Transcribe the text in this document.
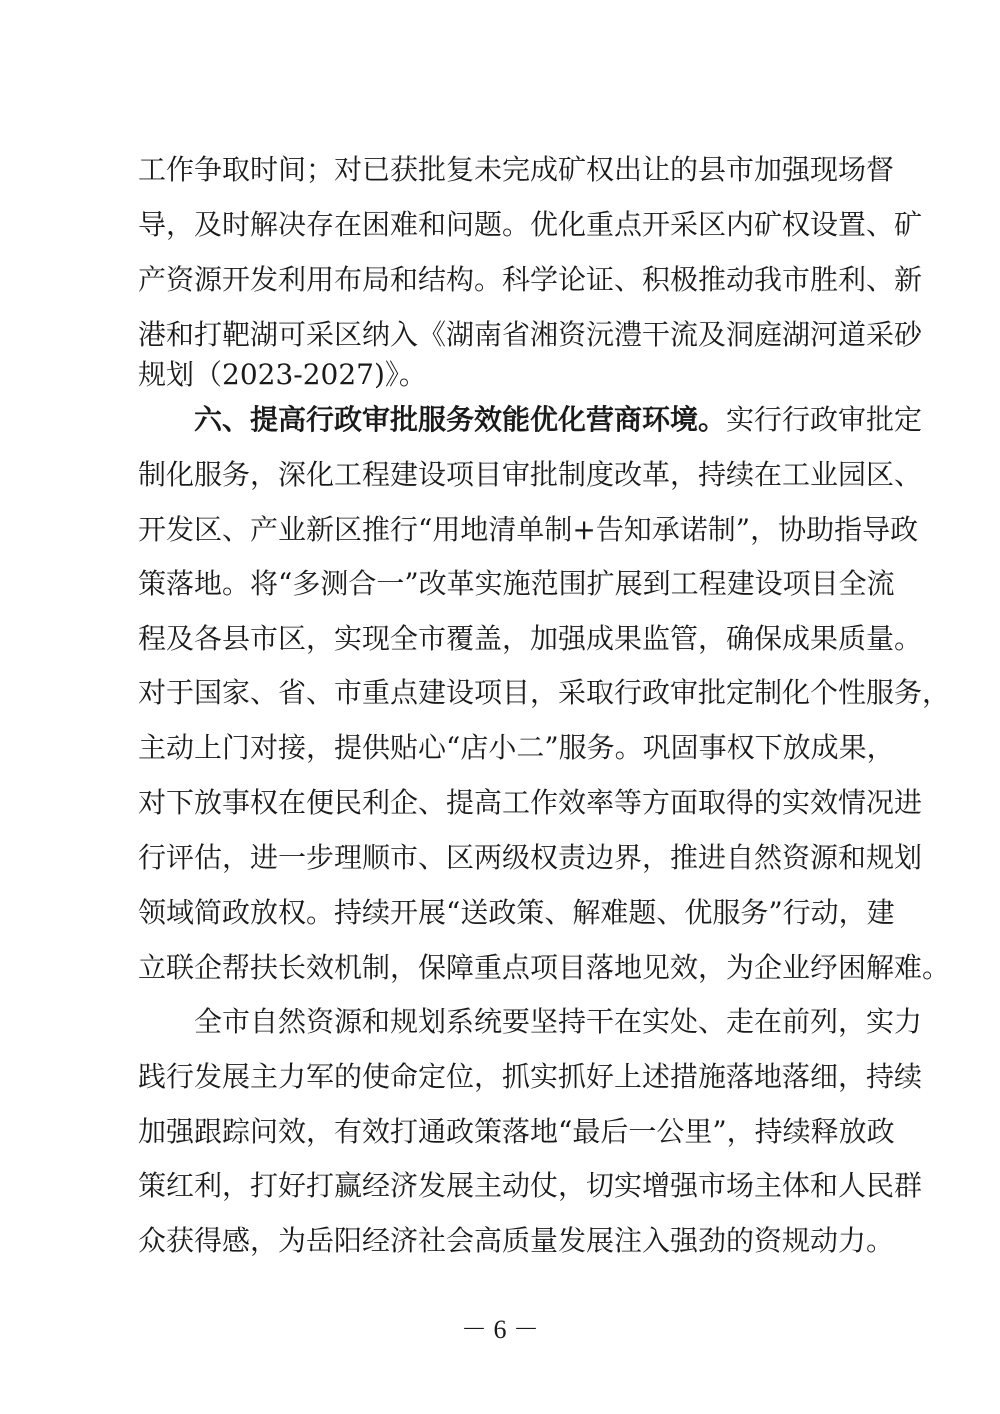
工作争取时间；对已获批复未完成矿权出让的县市加强现场督
导，及时解决存在困难和问题。优化重点开采区内矿权设置、矿
产资源开发利用布局和结构。科学论证、积极推动我市胜利、新
港和打靶湖可采区纳入《湖南省湘资沅澧干流及洞庭湖河道采砂
规划（2023-2027)》。
六、提高行政审批服务效能优化营商环境。实行行政审批定
制化服务，深化工程建设项目审批制度改革，持续在工业园区、
开发区、产业新区推行“用地清单制+告知承诺制”，协助指导政
策落地。将“多测合一”改革实施范围扩展到工程建设项目全流
程及各县市区，实现全市覆盖，加强成果监管，确保成果质量。
对于国家、省、市重点建设项目，采取行政审批定制化个性服务，
主动上门对接，提供贴心“店小二”服务。巩固事权下放成果，
对下放事权在便民利企、提高工作效率等方面取得的实效情况进
行评估，进一步理顺市、区两级权责边界，推进自然资源和规划
领域简政放权。持续开展“送政策、解难题、优服务”行动，建
立联企帮扶长效机制，保障重点项目落地见效，为企业纾困解难。
全市自然资源和规划系统要坚持干在实处、走在前列，实力
践行发展主力军的使命定位，抓实抓好上述措施落地落细，持续
加强跟踪问效，有效打通政策落地“最后一公里”，持续释放政
策红利，打好打赢经济发展主动仗，切实增强市场主体和人民群
众获得感，为岳阳经济社会高质量发展注入强劲的资规动力。
－ 6 －
